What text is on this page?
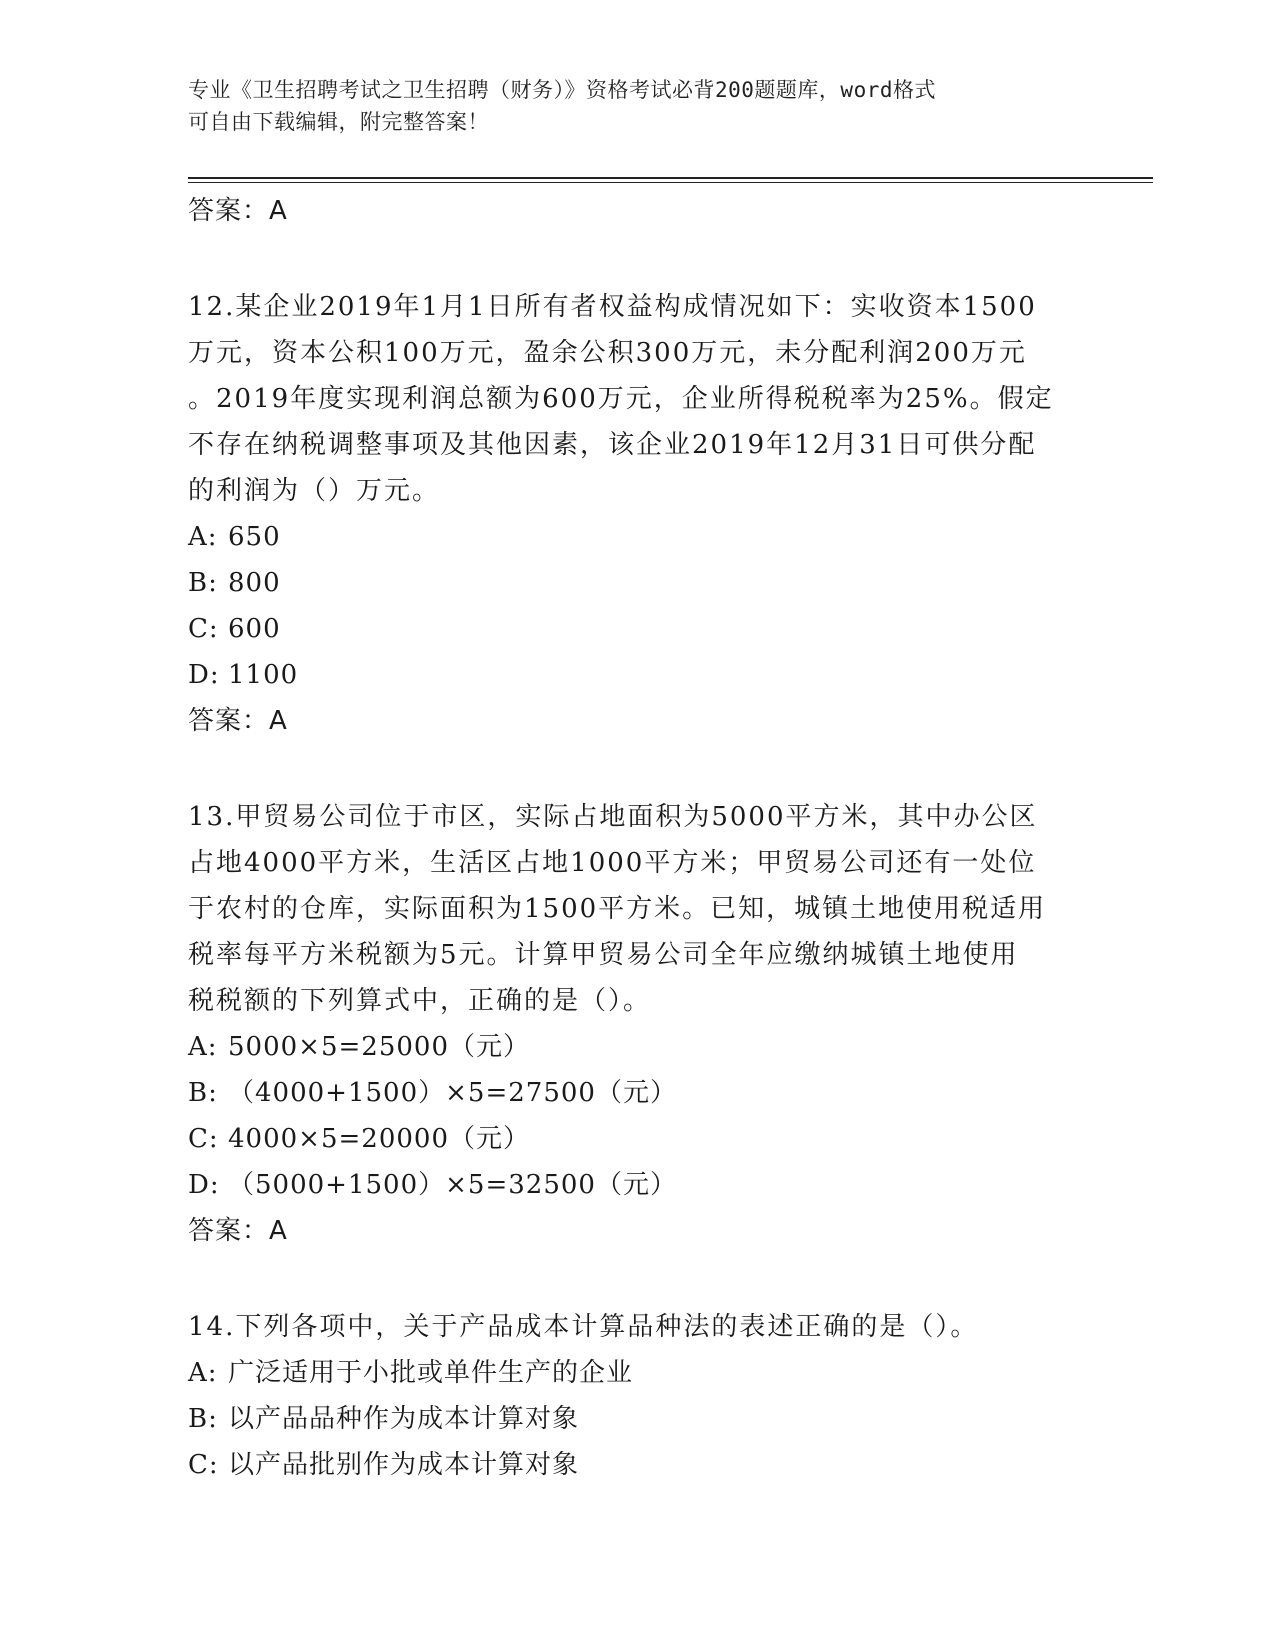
专业《卫生招聘考试之卫生招聘（财务）》资格考试必背200题题库，word格式

可自由下载编辑，附完整答案！

答案：A
12.某企业2019年1月1日所有者权益构成情况如下：实收资本1500
万元，资本公积100万元，盈余公积300万元，未分配利润200万元
。2019年度实现利润总额为600万元，企业所得税税率为25%。假定
不存在纳税调整事项及其他因素，该企业2019年12月31日可供分配
的利润为（）万元。
A: 650
B: 800
C: 600
D: 1100
答案：A
13.甲贸易公司位于市区，实际占地面积为5000平方米，其中办公区
占地4000平方米，生活区占地1000平方米；甲贸易公司还有一处位
于农村的仓库，实际面积为1500平方米。已知，城镇土地使用税适用
税率每平方米税额为5元。计算甲贸易公司全年应缴纳城镇土地使用
税税额的下列算式中，正确的是（）。
A: 5000×5=25000（元）
B: （4000+1500）×5=27500（元）
C: 4000×5=20000（元）
D: （5000+1500）×5=32500（元）
答案：A
14.下列各项中，关于产品成本计算品种法的表述正确的是（）。
A: 广泛适用于小批或单件生产的企业
B: 以产品品种作为成本计算对象
C: 以产品批别作为成本计算对象
